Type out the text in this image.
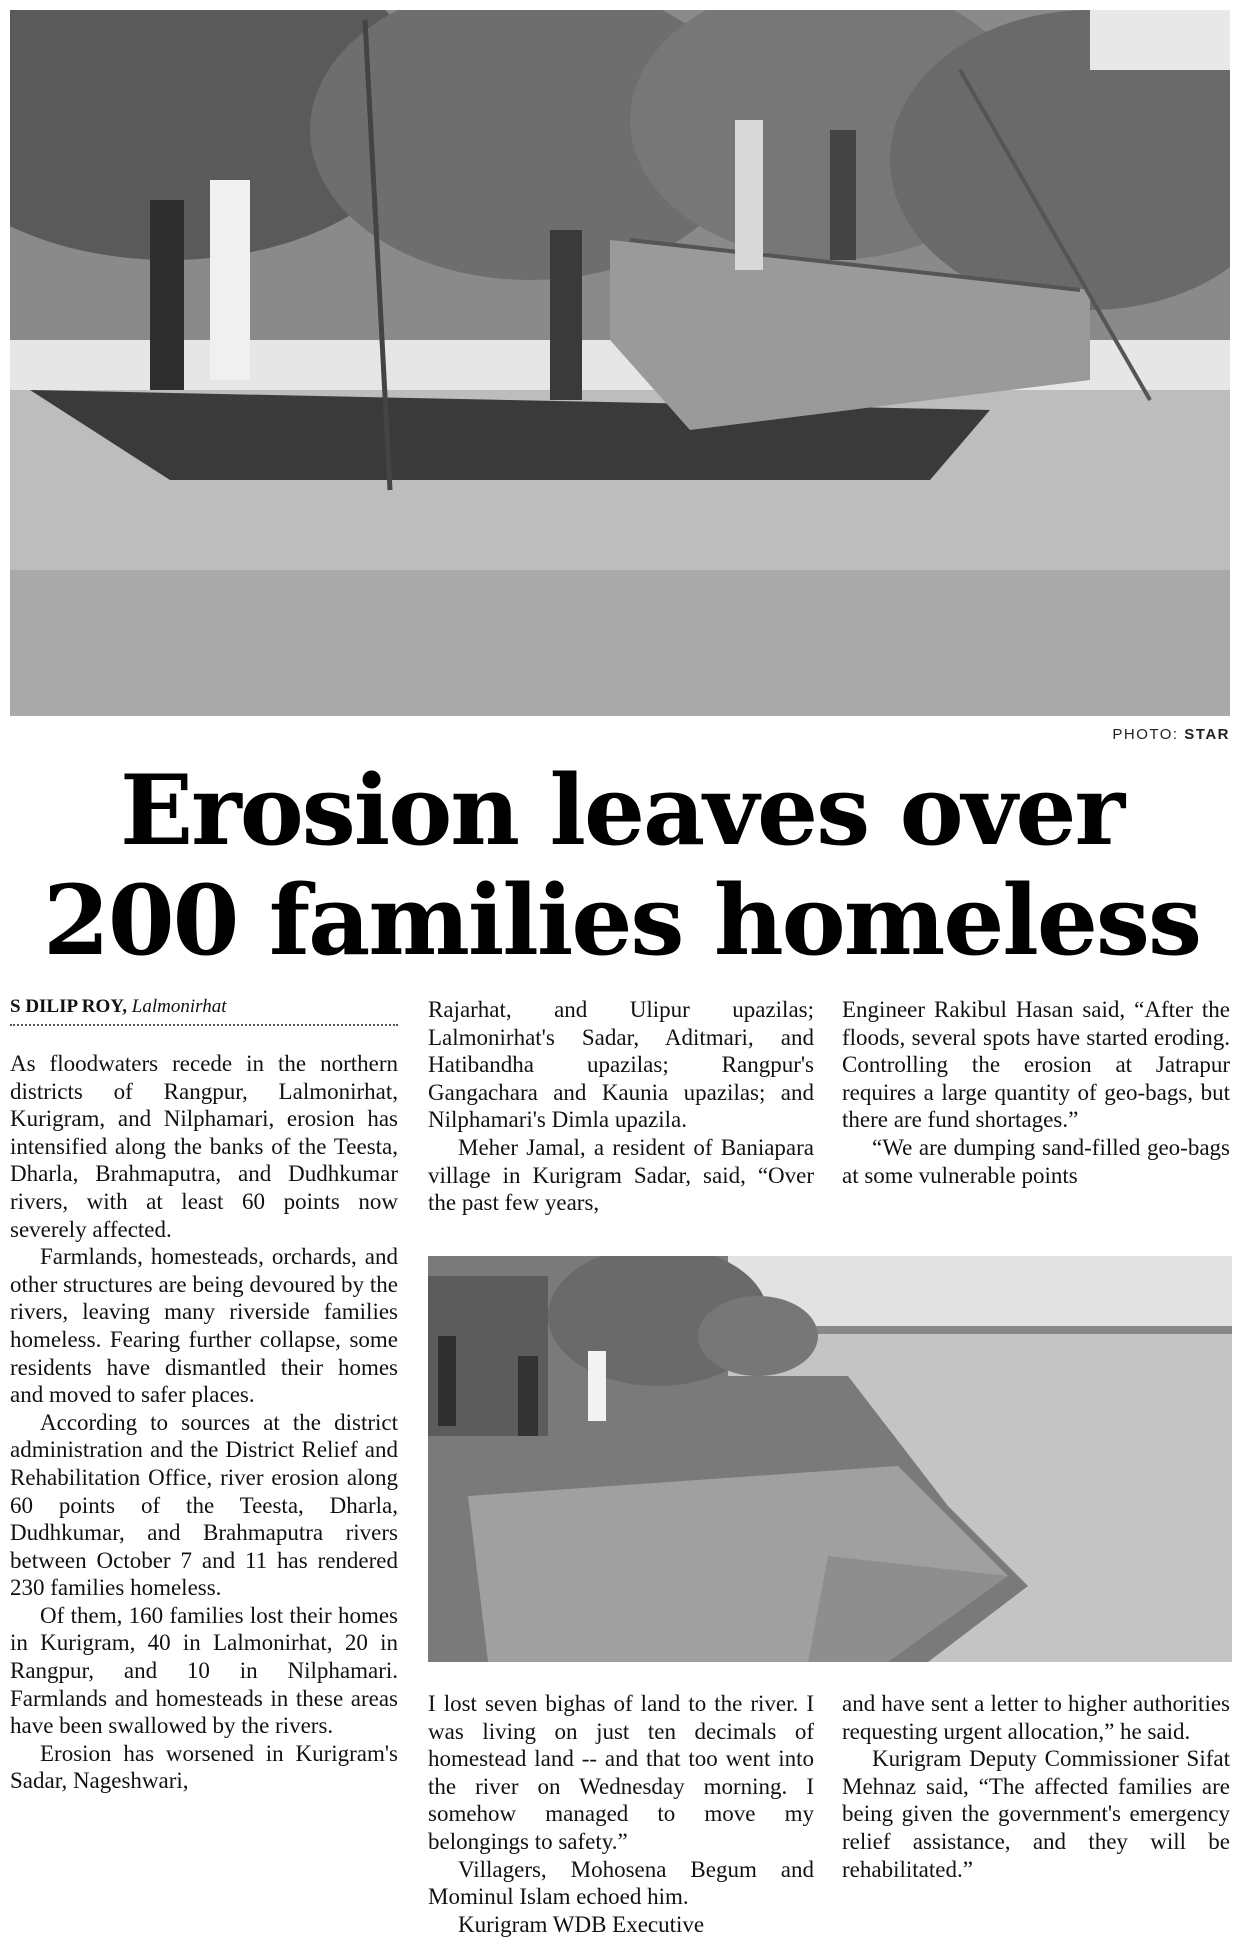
PHOTO: STAR
Erosion leaves over
200 families homeless
S DILIP ROY, Lalmonirhat

As floodwaters recede in the northern districts of Rangpur, Lalmonirhat, Kurigram, and Nilphamari, erosion has intensified along the banks of the Teesta, Dharla, Brahmaputra, and Dudhkumar rivers, with at least 60 points now severely affected.

Farmlands, homesteads, orchards, and other structures are being devoured by the rivers, leaving many riverside families homeless. Fearing further collapse, some residents have dismantled their homes and moved to safer places.

According to sources at the district administration and the District Relief and Rehabilitation Office, river erosion along 60 points of the Teesta, Dharla, Dudhkumar, and Brahmaputra rivers between October 7 and 11 has rendered 230 families homeless.

Of them, 160 families lost their homes in Kurigram, 40 in Lalmonirhat, 20 in Rangpur, and 10 in Nilphamari. Farmlands and homesteads in these areas have been swallowed by the rivers.

Erosion has worsened in Kurigram's Sadar, Nageshwari,

Rajarhat, and Ulipur upazilas; Lalmonirhat's Sadar, Aditmari, and Hatibandha upazilas; Rangpur's Gangachara and Kaunia upazilas; and Nilphamari's Dimla upazila.

Meher Jamal, a resident of Baniapara village in Kurigram Sadar, said, “Over the past few years,

Engineer Rakibul Hasan said, “After the floods, several spots have started eroding. Controlling the erosion at Jatrapur requires a large quantity of geo-bags, but there are fund shortages.”

“We are dumping sand-filled geo-bags at some vulnerable points

I lost seven bighas of land to the river. I was living on just ten decimals of homestead land -- and that too went into the river on Wednesday morning. I somehow managed to move my belongings to safety.”

Villagers, Mohosena Begum and Mominul Islam echoed him.

Kurigram WDB Executive

and have sent a letter to higher authorities requesting urgent allocation,” he said.

Kurigram Deputy Commissioner Sifat Mehnaz said, “The affected families are being given the government's emergency relief assistance, and they will be rehabilitated.”
